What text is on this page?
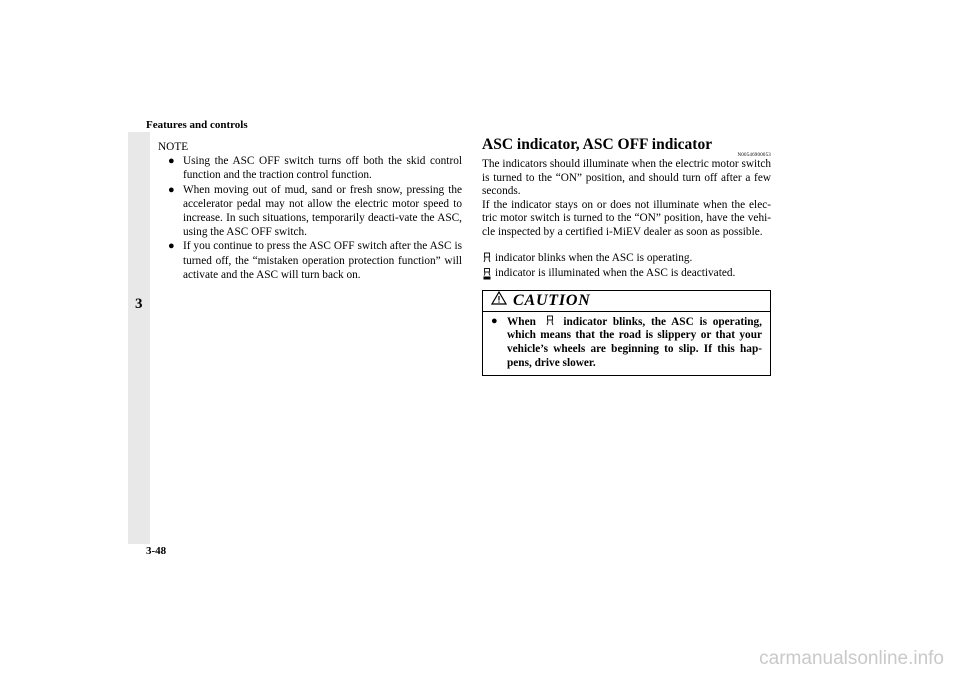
Features and controls
3

NOTE

● Using the ASC OFF switch turns off both the skid control function and the traction control function.
● When moving out of mud, sand or fresh snow, pressing the accelerator pedal may not allow the electric motor speed to increase. In such situations, temporarily deacti-vate the ASC, using the ASC OFF switch.
● If you continue to press the ASC OFF switch after the ASC is turned off, the “mistaken operation protection function” will activate and the ASC will turn back on.
ASC indicator, ASC OFF indicator
N00546900053

The indicators should illuminate when the electric motor switch is turned to the “ON” position, and should turn off after a few seconds.

If the indicator stays on or does not illuminate when the elec-tric motor switch is turned to the “ON” position, have the vehi-cle inspected by a certified i-MiEV dealer as soon as possible.

indicator blinks when the ASC is operating.

indicator is illuminated when the ASC is deactivated.

CAUTION
● When indicator blinks, the ASC is operating, which means that the road is slippery or that your vehicle’s wheels are beginning to slip. If this hap-pens, drive slower.
3-48
carmanualsonline.info
